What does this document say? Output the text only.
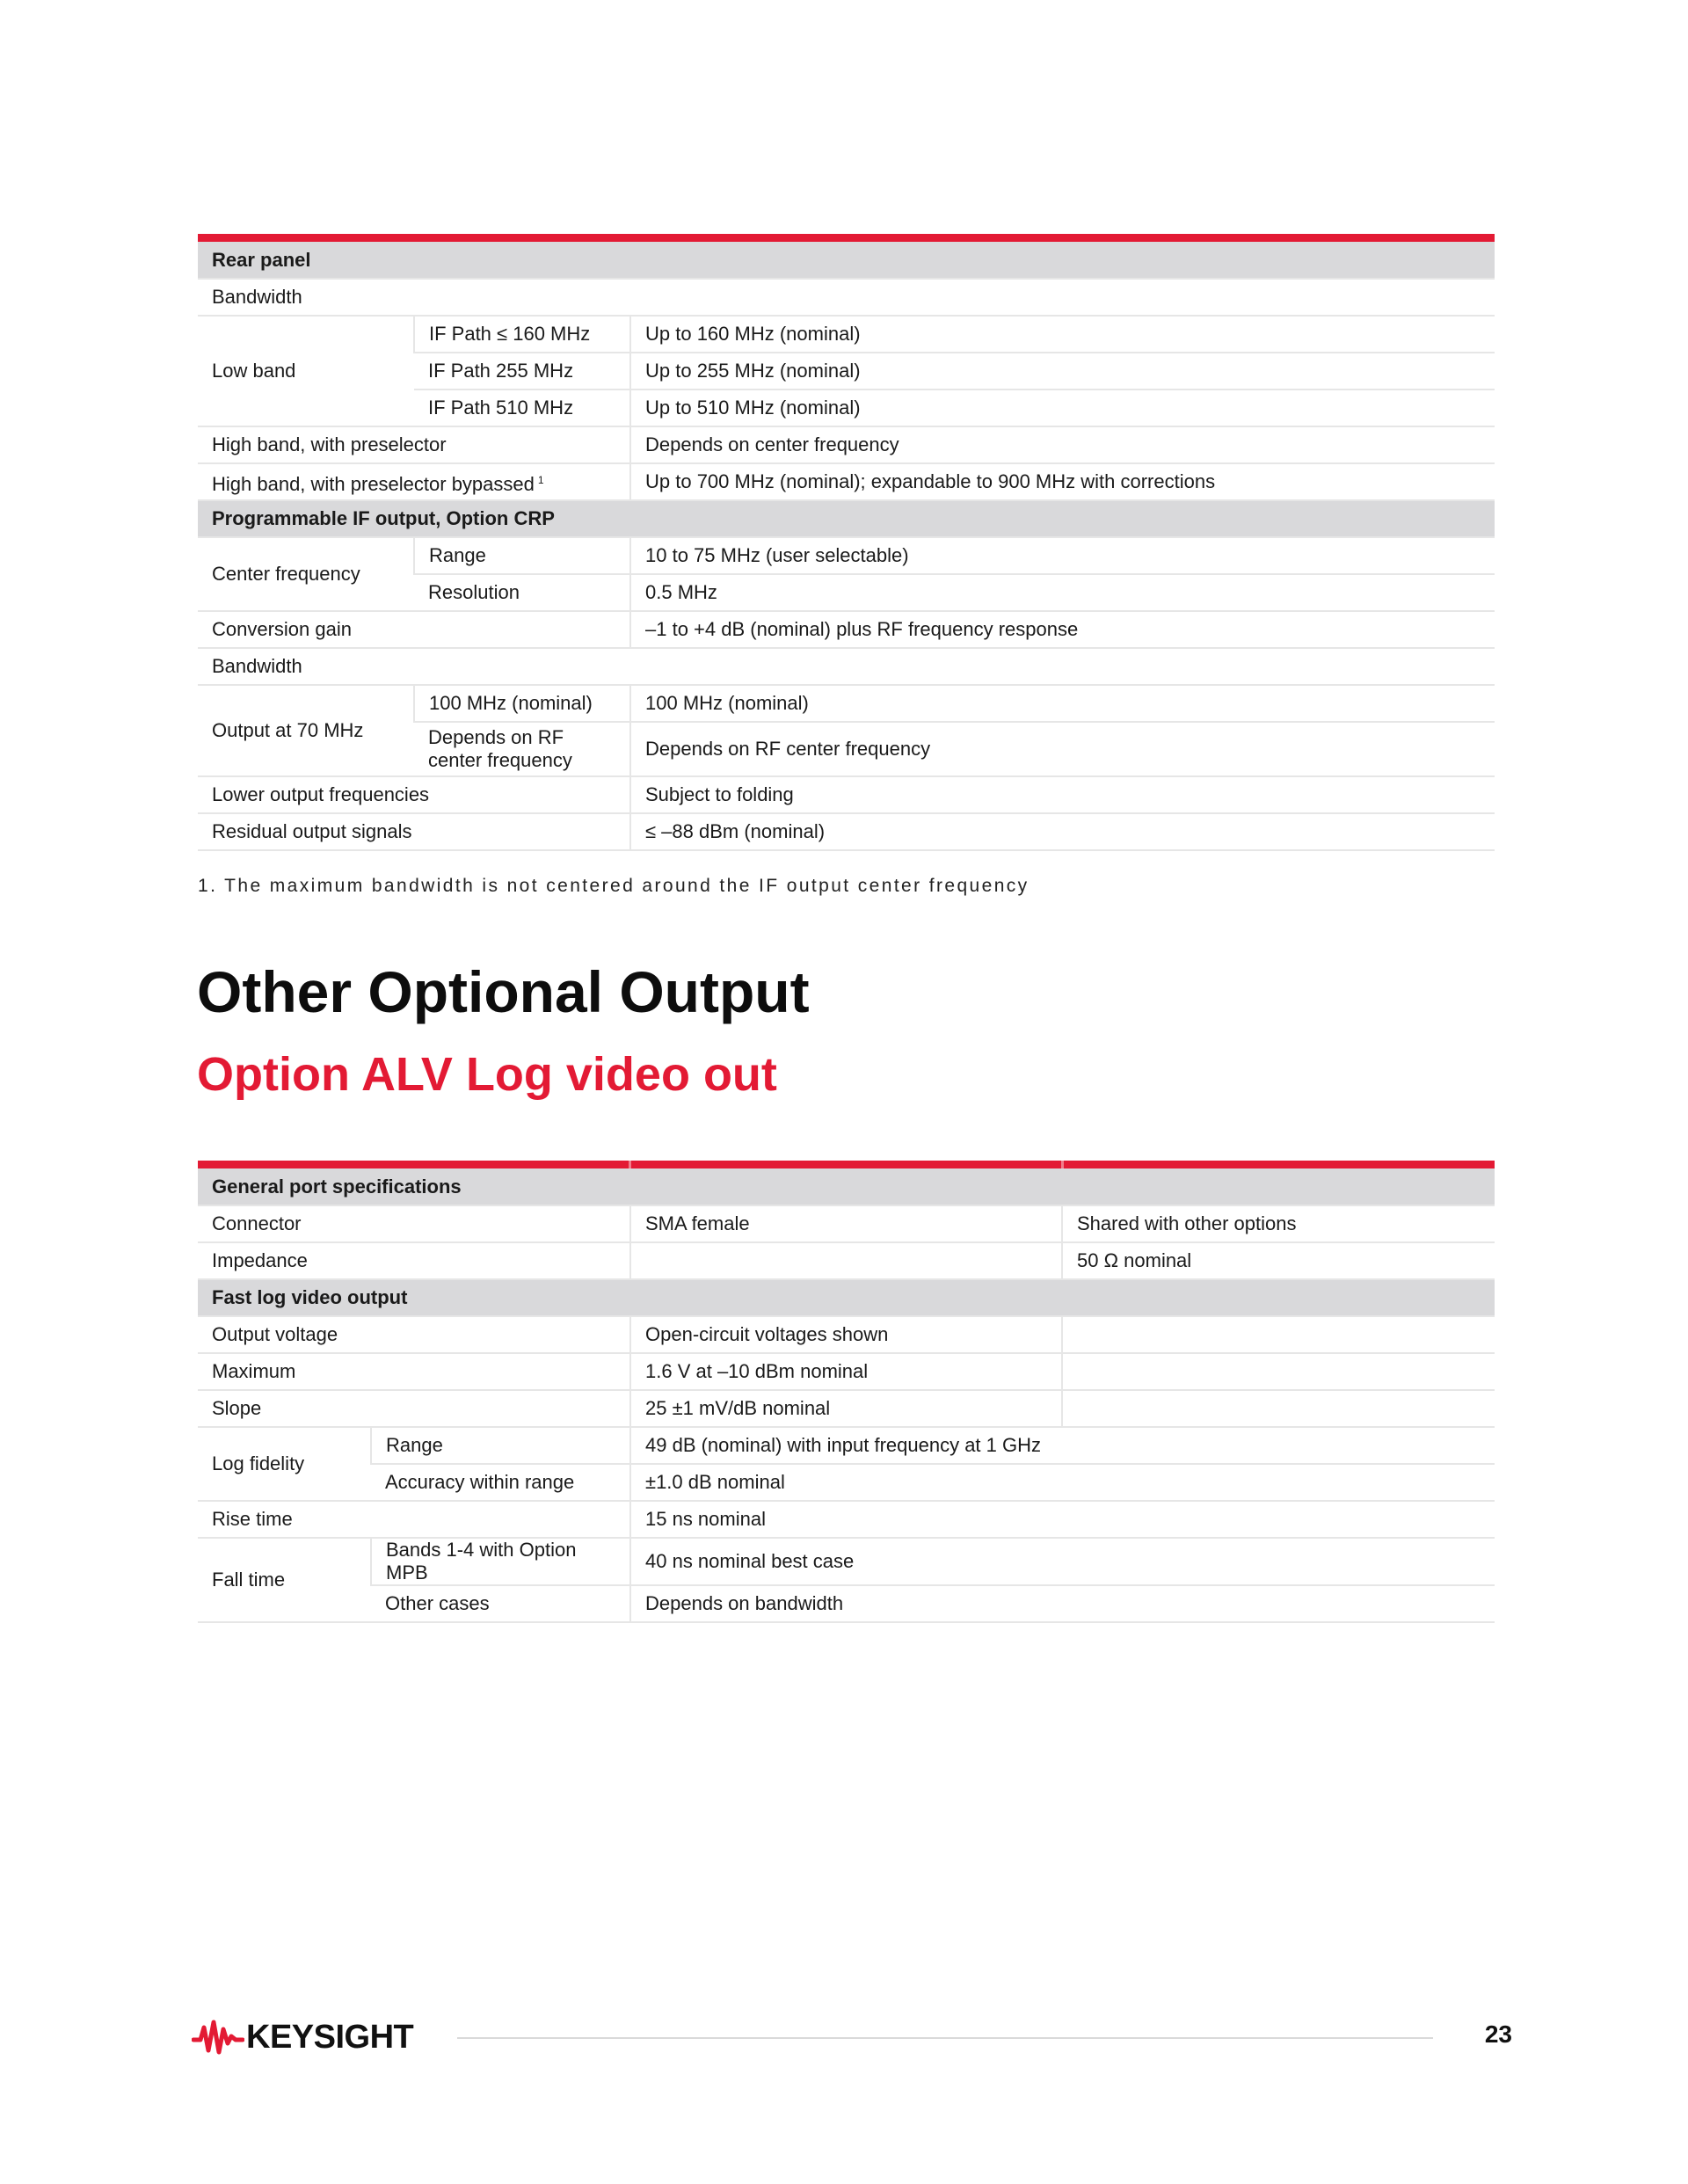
Rear panel		
Bandwidth		
Low band	IF Path ≤ 160 MHz	Up to 160 MHz (nominal)
	IF Path 255 MHz	Up to 255 MHz (nominal)
	IF Path 510 MHz	Up to 510 MHz (nominal)
High band, with preselector		Depends on center frequency
High band, with preselector bypassed $^1$		Up to 700 MHz (nominal); expandable to 900 MHz with corrections
Programmable IF output, Option CRP		
Center frequency	Range	10 to 75 MHz (user selectable)
	Resolution	0.5 MHz
Conversion gain		–1 to +4 dB (nominal) plus RF frequency response
Bandwidth		
Output at 70 MHz	100 MHz (nominal)	100 MHz (nominal)
	Depends on RF center frequency	Depends on RF center frequency
Lower output frequencies		Subject to folding
Residual output signals		≤ –88 dBm (nominal)
1. The maximum bandwidth is not centered around the IF output center frequency
Other Optional Output
Option ALV Log video out
General port specifications			
Connector		SMA female	Shared with other options
Impedance			50 Ω nominal
Fast log video output			
Output voltage		Open-circuit voltages shown	
Maximum		1.6 V at –10 dBm nominal	
Slope		25 ±1 mV/dB nominal	
Log fidelity	Range	49 dB (nominal) with input frequency at 1 GHz	
	Accuracy within range	±1.0 dB nominal	
Rise time		15 ns nominal	
Fall time	Bands 1-4 with Option MPB	40 ns nominal best case	
	Other cases	Depends on bandwidth	
KEYSIGHT	23
